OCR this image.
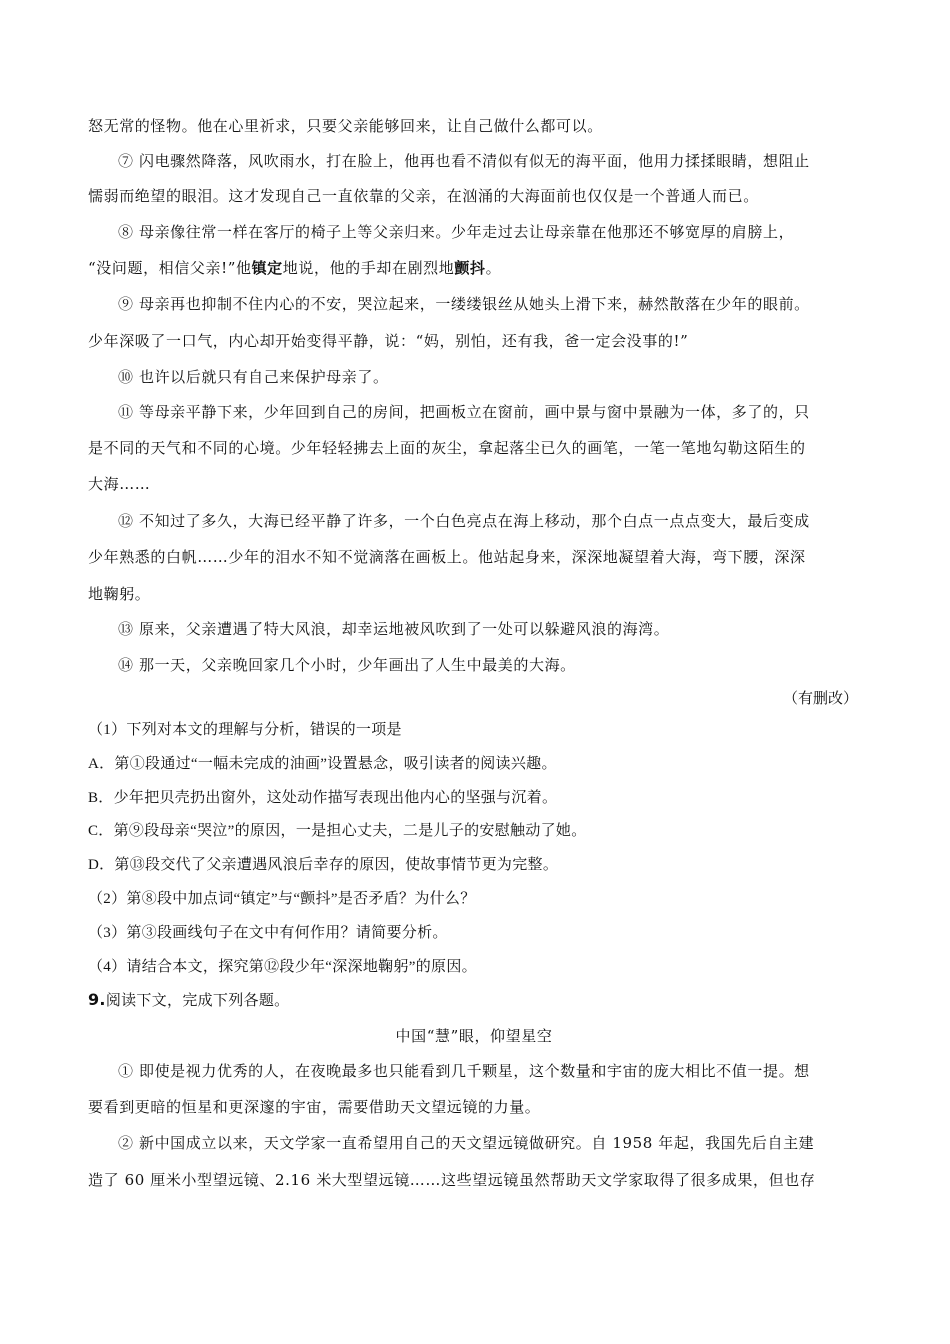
怒无常的怪物。他在心里祈求，只要父亲能够回来，让自己做什么都可以。
⑦ 闪电骤然降落，风吹雨水，打在脸上，他再也看不清似有似无的海平面，他用力揉揉眼睛，想阻止
懦弱而绝望的眼泪。这才发现自己一直依靠的父亲，在汹涌的大海面前也仅仅是一个普通人而已。
⑧ 母亲像往常一样在客厅的椅子上等父亲归来。少年走过去让母亲靠在他那还不够宽厚的肩膀上，
“没问题，相信父亲!”他镇定地说，他的手却在剧烈地颤抖。
⑨ 母亲再也抑制不住内心的不安，哭泣起来，一缕缕银丝从她头上滑下来，赫然散落在少年的眼前。
少年深吸了一口气，内心却开始变得平静，说：“妈，别怕，还有我，爸一定会没事的!”
⑩ 也许以后就只有自己来保护母亲了。
⑪ 等母亲平静下来，少年回到自己的房间，把画板立在窗前，画中景与窗中景融为一体，多了的，只
是不同的天气和不同的心境。少年轻轻拂去上面的灰尘，拿起落尘已久的画笔，一笔一笔地勾勒这陌生的
大海……
⑫ 不知过了多久，大海已经平静了许多，一个白色亮点在海上移动，那个白点一点点变大，最后变成
少年熟悉的白帆……少年的泪水不知不觉滴落在画板上。他站起身来，深深地凝望着大海，弯下腰，深深
地鞠躬。
⑬ 原来，父亲遭遇了特大风浪，却幸运地被风吹到了一处可以躲避风浪的海湾。
⑭ 那一天，父亲晚回家几个小时，少年画出了人生中最美的大海。
（有删改）
（1）下列对本文的理解与分析，错误的一项是
A．第①段通过“一幅未完成的油画”设置悬念，吸引读者的阅读兴趣。
B．少年把贝壳扔出窗外，这处动作描写表现出他内心的坚强与沉着。
C．第⑨段母亲“哭泣”的原因，一是担心丈夫，二是儿子的安慰触动了她。
D．第⑬段交代了父亲遭遇风浪后幸存的原因，使故事情节更为完整。
（2）第⑧段中加点词“镇定”与“颤抖”是否矛盾？为什么？
（3）第③段画线句子在文中有何作用？请简要分析。
（4）请结合本文，探究第⑫段少年“深深地鞠躬”的原因。
9.阅读下文，完成下列各题。
中国“慧”眼，仰望星空
① 即使是视力优秀的人，在夜晚最多也只能看到几千颗星，这个数量和宇宙的庞大相比不值一提。想
要看到更暗的恒星和更深邃的宇宙，需要借助天文望远镜的力量。
② 新中国成立以来，天文学家一直希望用自己的天文望远镜做研究。自 1958 年起，我国先后自主建
造了 60 厘米小型望远镜、2.16 米大型望远镜……这些望远镜虽然帮助天文学家取得了很多成果，但也存
